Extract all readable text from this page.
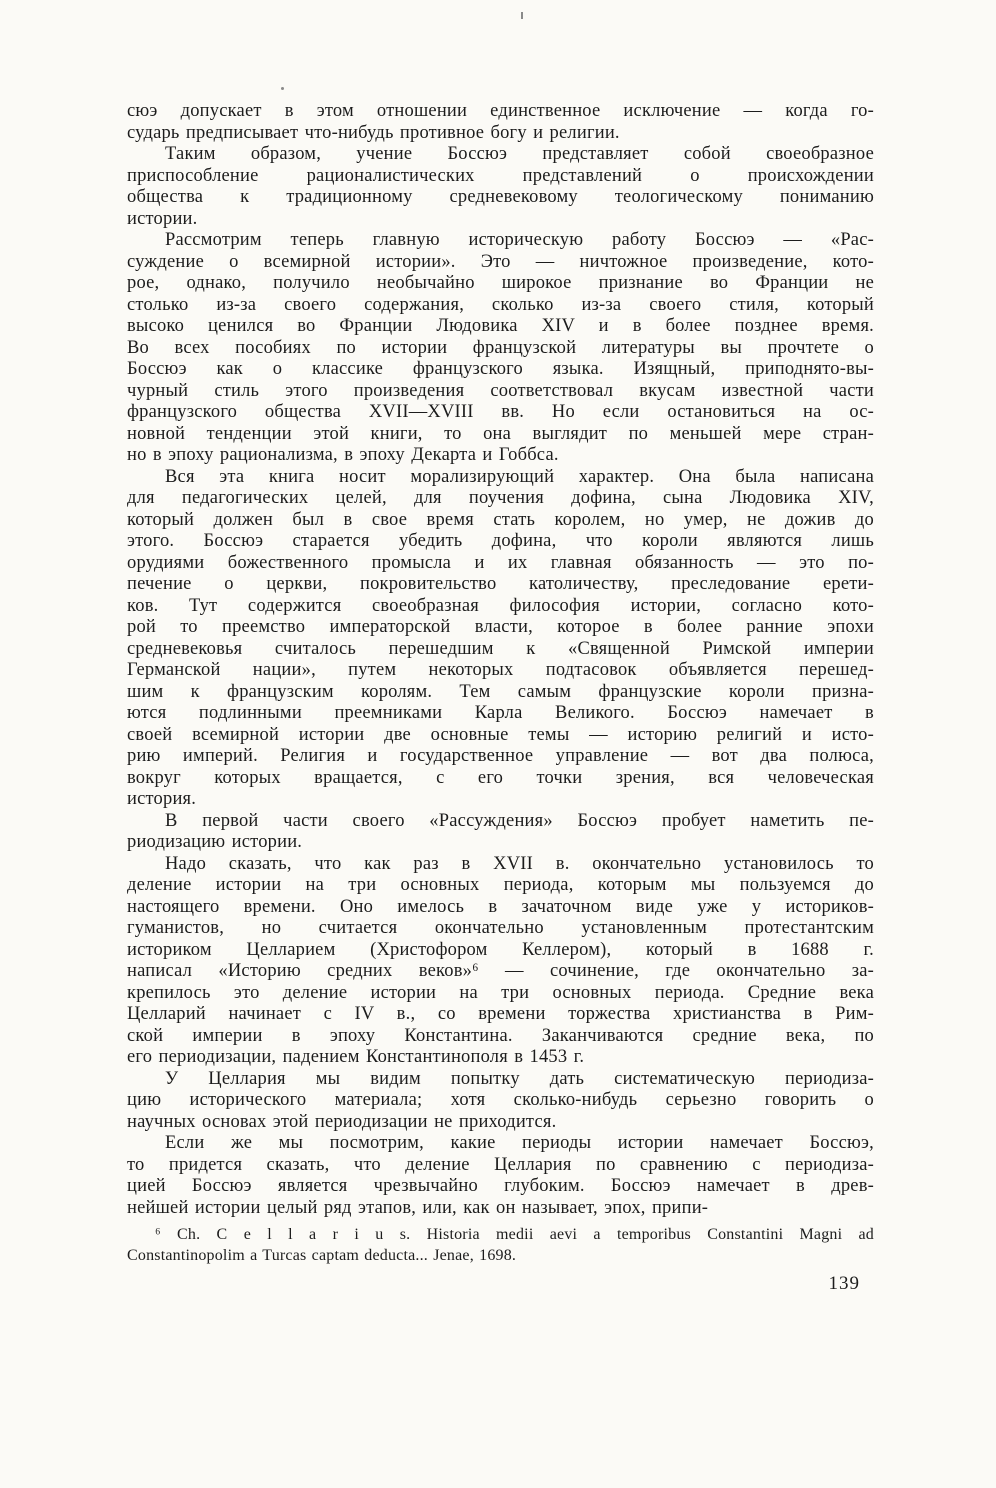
сюэ допускает в этом отношении единственное исключение — когда го-
сударь предписывает что-нибудь противное богу и религии.
Таким образом, учение Боссюэ представляет собой своеобразное
приспособление рационалистических представлений о происхождении
общества к традиционному средневековому теологическому пониманию
истории.
Рассмотрим теперь главную историческую работу Боссюэ — «Рас-
суждение о всемирной истории». Это — ничтожное произведение, кото-
рое, однако, получило необычайно широкое признание во Франции не
столько из-за своего содержания, сколько из-за своего стиля, который
высоко ценился во Франции Людовика XIV и в более позднее время.
Во всех пособиях по истории французской литературы вы прочтете о
Боссюэ как о классике французского языка. Изящный, приподнято-вы-
чурный стиль этого произведения соответствовал вкусам известной части
французского общества XVII—XVIII вв. Но если остановиться на ос-
новной тенденции этой книги, то она выглядит по меньшей мере стран-
но в эпоху рационализма, в эпоху Декарта и Гоббса.
Вся эта книга носит морализирующий характер. Она была написана
для педагогических целей, для поучения дофина, сына Людовика XIV,
который должен был в свое время стать королем, но умер, не дожив до
этого. Боссюэ старается убедить дофина, что короли являются лишь
орудиями божественного промысла и их главная обязанность — это по-
печение о церкви, покровительство католичеству, преследование ерети-
ков. Тут содержится своеобразная философия истории, согласно кото-
рой то преемство императорской власти, которое в более ранние эпохи
средневековья считалось перешедшим к «Священной Римской империи
Германской нации», путем некоторых подтасовок объявляется перешед-
шим к французским королям. Тем самым французские короли призна-
ются подлинными преемниками Карла Великого. Боссюэ намечает в
своей всемирной истории две основные темы — историю религий и исто-
рию империй. Религия и государственное управление — вот два полюса,
вокруг которых вращается, с его точки зрения, вся человеческая
история.
В первой части своего «Рассуждения» Боссюэ пробует наметить пе-
риодизацию истории.
Надо сказать, что как раз в XVII в. окончательно установилось то
деление истории на три основных периода, которым мы пользуемся до
настоящего времени. Оно имелось в зачаточном виде уже у историков-
гуманистов, но считается окончательно установленным протестантским
историком Целларием (Христофором Келлером), который в 1688 г.
написал «Историю средних веков»⁶ — сочинение, где окончательно за-
крепилось это деление истории на три основных периода. Средние века
Целларий начинает с IV в., со времени торжества христианства в Рим-
ской империи в эпоху Константина. Заканчиваются средние века, по
его периодизации, падением Константинополя в 1453 г.
У Целлария мы видим попытку дать систематическую периодиза-
цию исторического материала; хотя сколько-нибудь серьезно говорить о
научных основах этой периодизации не приходится.
Если же мы посмотрим, какие периоды истории намечает Боссюэ,
то придется сказать, что деление Целлария по сравнению с периодиза-
цией Боссюэ является чрезвычайно глубоким. Боссюэ намечает в древ-
нейшей истории целый ряд этапов, или, как он называет, эпох, припи-
⁶ Ch. C e l l a r i u s. Historia medii aevi a temporibus Constantini Magni ad
Constantinopolim a Turcas captam deducta... Jenae, 1698.
139
